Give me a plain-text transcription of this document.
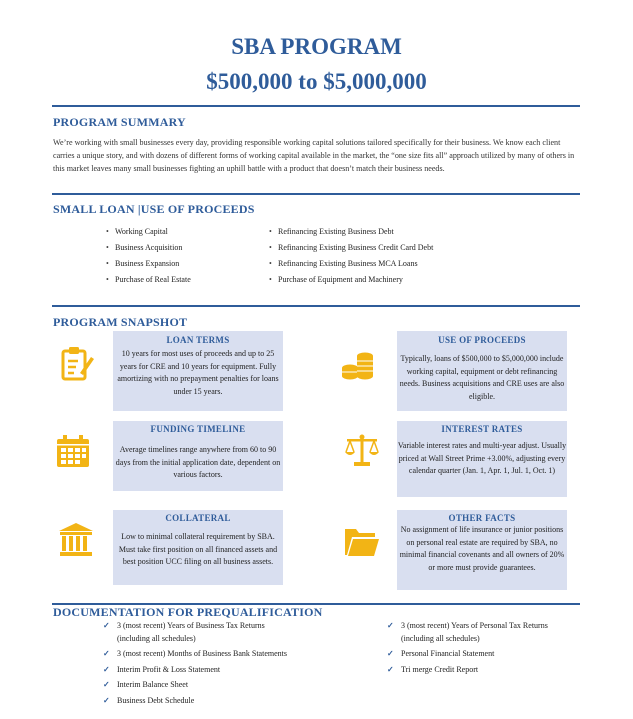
SBA PROGRAM
$500,000 to $5,000,000
PROGRAM SUMMARY
We’re working with small businesses every day, providing responsible working capital solutions tailored specifically for their business. We know each client carries a unique story, and with dozens of different forms of working capital available in the market, the “one size fits all” approach utilized by many of others in this market leaves many small businesses fighting an uphill battle with a product that doesn’t match their business needs.
SMALL LOAN |USE OF PROCEEDS
• Working Capital
• Business Acquisition
• Business Expansion
• Purchase of Real Estate
• Refinancing Existing Business Debt
• Refinancing Existing Business Credit Card Debt
• Refinancing Existing Business MCA Loans
• Purchase of Equipment and Machinery
PROGRAM SNAPSHOT
LOAN TERMS
10 years for most uses of proceeds and up to 25 years for CRE and 10 years for equipment. Fully amortizing with no prepayment penalties for loans under 15 years.
USE OF PROCEEDS
Typically, loans of $500,000 to $5,000,000 include working capital, equipment or debt refinancing needs. Business acquisitions and CRE uses are also eligible.
FUNDING TIMELINE
Average timelines range anywhere from 60 to 90 days from the initial application date, dependent on various factors.
INTEREST RATES
Variable interest rates and multi-year adjust. Usually priced at Wall Street Prime +3.00%, adjusting every calendar quarter (Jan. 1, Apr. 1, Jul. 1, Oct. 1)
COLLATERAL
Low to minimal collateral requirement by SBA. Must take first position on all financed assets and best position UCC filing on all business assets.
OTHER FACTS
No assignment of life insurance or junior positions on personal real estate are required by SBA, no minimal financial covenants and all owners of 20% or more must provide guarantees.
DOCUMENTATION FOR PREQUALIFICATION
✓ 3 (most recent) Years of Business Tax Returns (including all schedules)
✓ 3 (most recent) Months of Business Bank Statements
✓ Interim Profit & Loss Statement
✓ Interim Balance Sheet
✓ Business Debt Schedule
✓ 3 (most recent) Years of Personal Tax Returns (including all schedules)
✓ Personal Financial Statement
✓ Tri merge Credit Report
